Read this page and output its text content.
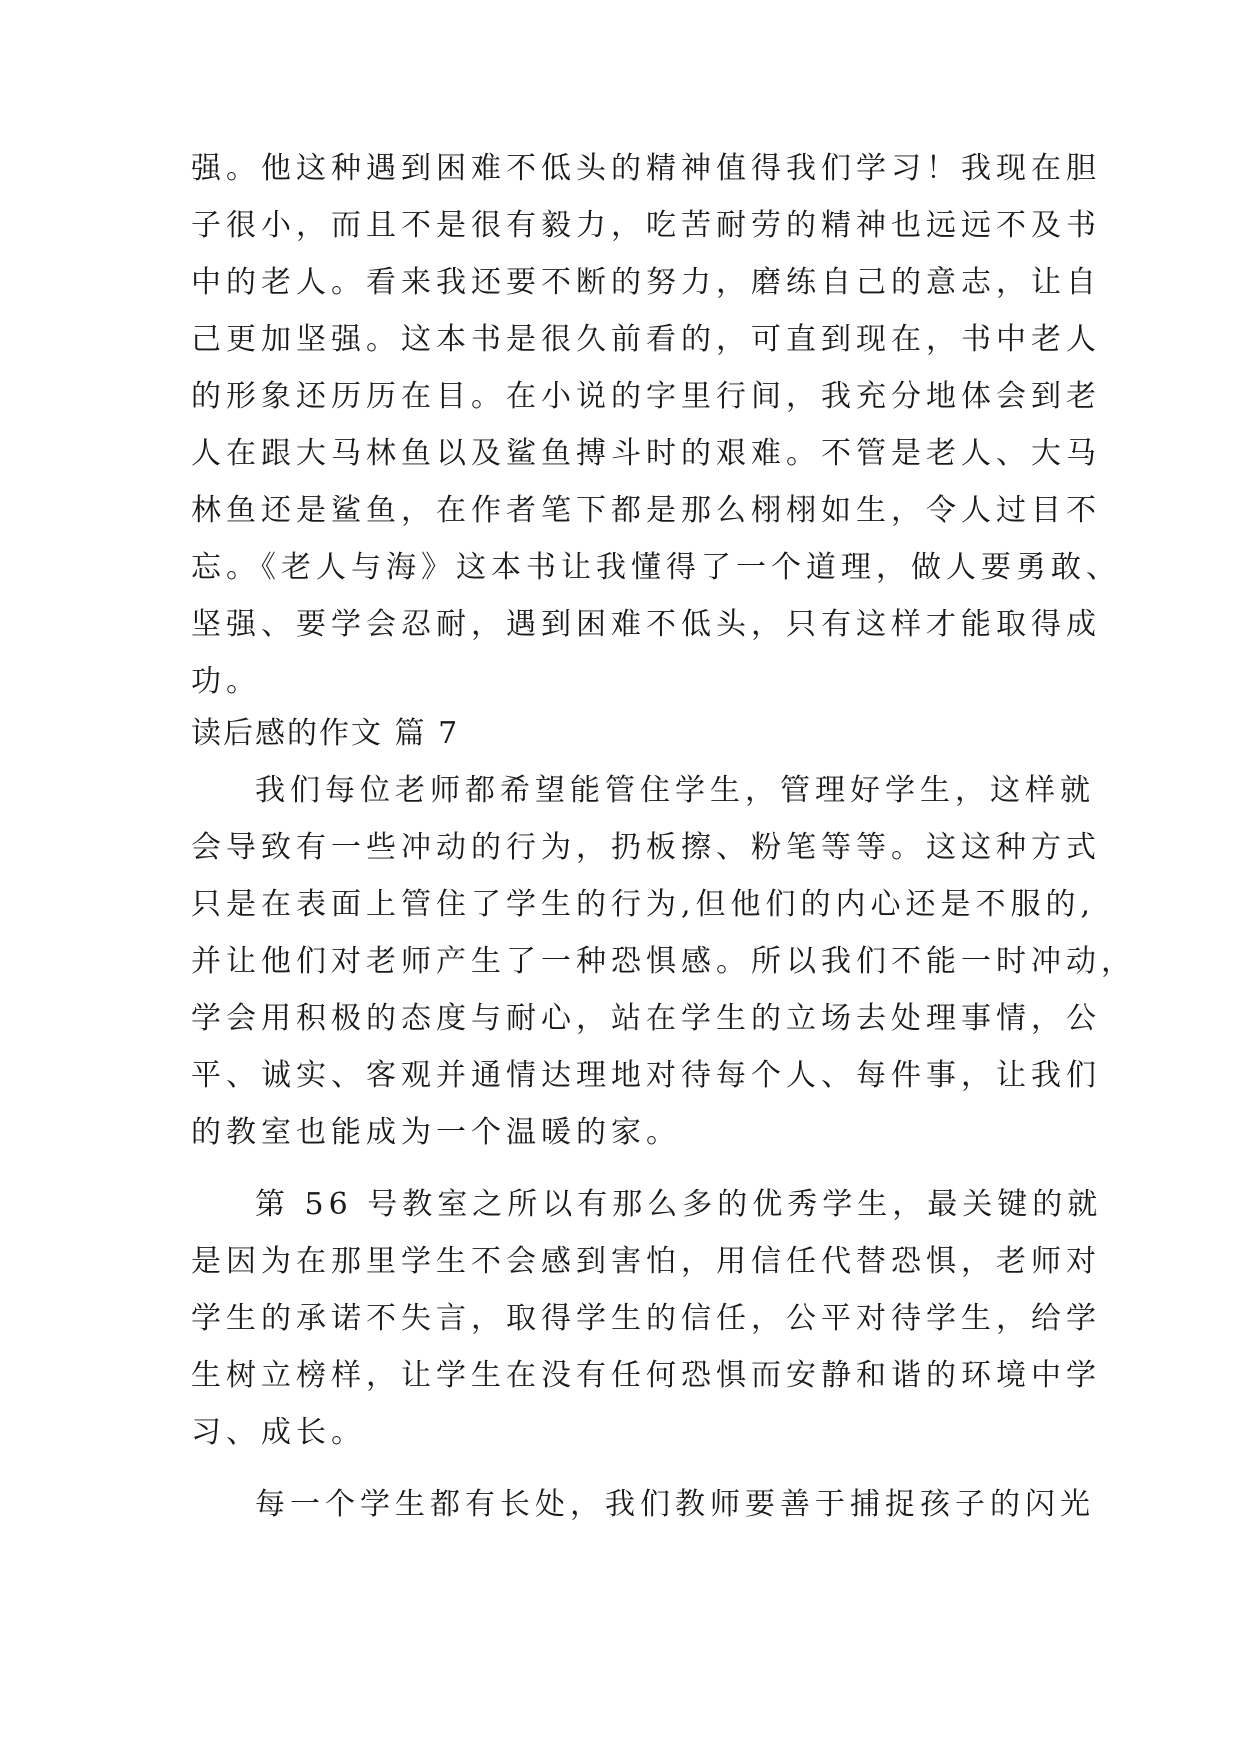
强。他这种遇到困难不低头的精神值得我们学习！我现在胆
子很小，而且不是很有毅力，吃苦耐劳的精神也远远不及书
中的老人。看来我还要不断的努力，磨练自己的意志，让自
己更加坚强。这本书是很久前看的，可直到现在，书中老人
的形象还历历在目。在小说的字里行间，我充分地体会到老
人在跟大马林鱼以及鲨鱼搏斗时的艰难。不管是老人、大马
林鱼还是鲨鱼，在作者笔下都是那么栩栩如生，令人过目不
忘。《老人与海》这本书让我懂得了一个道理，做人要勇敢、
坚强、要学会忍耐，遇到困难不低头，只有这样才能取得成
功。
读后感的作文 篇 7
我们每位老师都希望能管住学生，管理好学生，这样就
会导致有一些冲动的行为，扔板擦、粉笔等等。这这种方式
只是在表面上管住了学生的行为,但他们的内心还是不服的,
并让他们对老师产生了一种恐惧感。所以我们不能一时冲动，
学会用积极的态度与耐心，站在学生的立场去处理事情，公
平、诚实、客观并通情达理地对待每个人、每件事，让我们
的教室也能成为一个温暖的家。
第 56 号教室之所以有那么多的优秀学生，最关键的就
是因为在那里学生不会感到害怕，用信任代替恐惧，老师对
学生的承诺不失言，取得学生的信任，公平对待学生，给学
生树立榜样，让学生在没有任何恐惧而安静和谐的环境中学
习、成长。
每一个学生都有长处，我们教师要善于捕捉孩子的闪光
